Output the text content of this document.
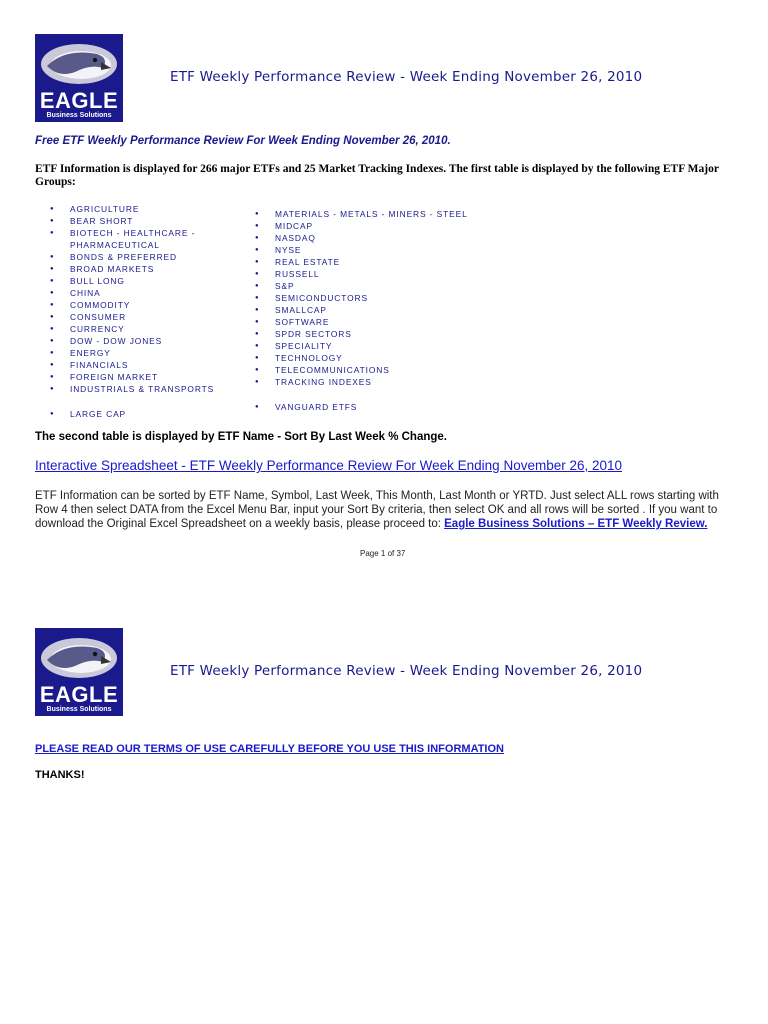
EAGLE
Business Solutions
ETF Weekly Performance Review - Week Ending November 26, 2010
Free ETF Weekly Performance Review For Week Ending November 26, 2010.
ETF Information is displayed for 266 major ETFs and 25 Market Tracking Indexes. The first table is displayed by the following ETF Major Groups:
● AGRICULTURE
● BEAR SHORT
● BIOTECH - HEALTHCARE - PHARMACEUTICAL
● BONDS & PREFERRED
● BROAD MARKETS
● BULL LONG
● CHINA
● COMMODITY
● CONSUMER
● CURRENCY
● DOW - DOW JONES
● ENERGY
● FINANCIALS
● FOREIGN MARKET
● INDUSTRIALS & TRANSPORTS
● LARGE CAP
● MATERIALS - METALS - MINERS - STEEL
● MIDCAP
● NASDAQ
● NYSE
● REAL ESTATE
● RUSSELL
● S&P
● SEMICONDUCTORS
● SMALLCAP
● SOFTWARE
● SPDR SECTORS
● SPECIALITY
● TECHNOLOGY
● TELECOMMUNICATIONS
● TRACKING INDEXES
● VANGUARD ETFS
The second table is displayed by ETF Name - Sort By Last Week % Change.
Interactive Spreadsheet - ETF Weekly Performance Review For Week Ending November 26, 2010
ETF Information can be sorted by ETF Name, Symbol, Last Week, This Month, Last Month or YRTD. Just select ALL rows starting with Row 4 then select DATA from the Excel Menu Bar, input your Sort By criteria, then select OK and all rows will be sorted . If you want to download the Original Excel Spreadsheet on a weekly basis, please proceed to: Eagle Business Solutions – ETF Weekly Review.
Page 1 of 37
EAGLE
Business Solutions
ETF Weekly Performance Review - Week Ending November 26, 2010
PLEASE READ OUR TERMS OF USE CAREFULLY BEFORE YOU USE THIS INFORMATION
THANKS!
